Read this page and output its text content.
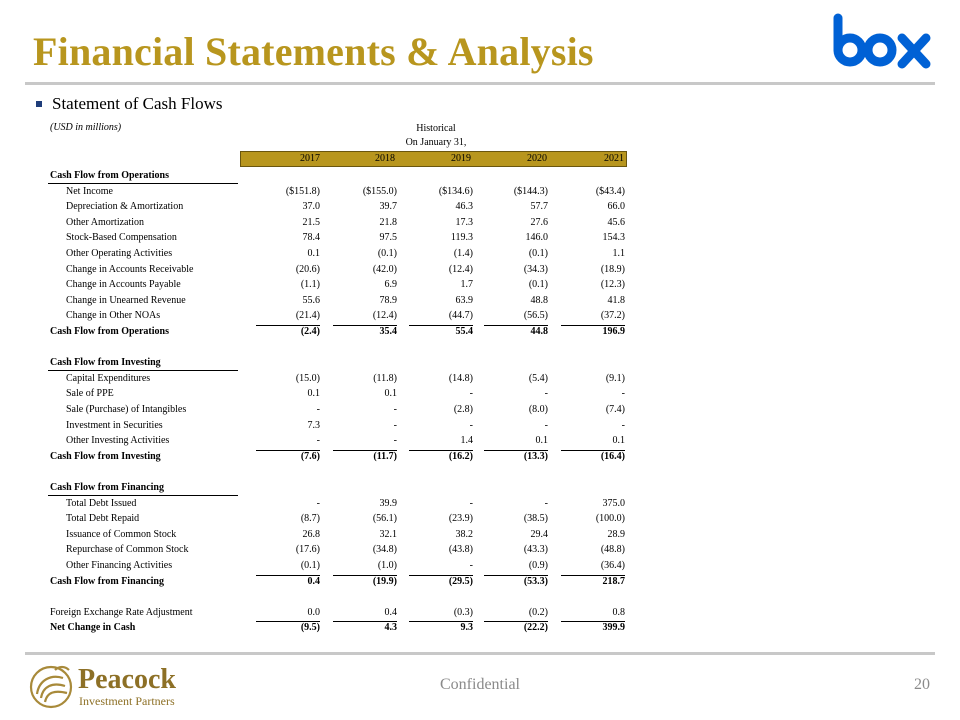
Financial Statements & Analysis
Statement of Cash Flows
(USD in millions)	Historical
On January 31,
2017	2018	2019	2020	2021
Cash Flow from Operations
Net Income	($151.8)	($155.0)	($134.6)	($144.3)	($43.4)
Depreciation & Amortization	37.0	39.7	46.3	57.7	66.0
Other Amortization	21.5	21.8	17.3	27.6	45.6
Stock-Based Compensation	78.4	97.5	119.3	146.0	154.3
Other Operating Activities	0.1	(0.1)	(1.4)	(0.1)	1.1
Change in Accounts Receivable	(20.6)	(42.0)	(12.4)	(34.3)	(18.9)
Change in Accounts Payable	(1.1)	6.9	1.7	(0.1)	(12.3)
Change in Unearned Revenue	55.6	78.9	63.9	48.8	41.8
Change in Other NOAs	(21.4)	(12.4)	(44.7)	(56.5)	(37.2)
Cash Flow from Operations	(2.4)	35.4	55.4	44.8	196.9
Cash Flow from Investing
Capital Expenditures	(15.0)	(11.8)	(14.8)	(5.4)	(9.1)
Sale of PPE	0.1	0.1	-	-	-
Sale (Purchase) of Intangibles	-	-	(2.8)	(8.0)	(7.4)
Investment in Securities	7.3	-	-	-	-
Other Investing Activities	-	-	1.4	0.1	0.1
Cash Flow from Investing	(7.6)	(11.7)	(16.2)	(13.3)	(16.4)
Cash Flow from Financing
Total Debt Issued	-	39.9	-	-	375.0
Total Debt Repaid	(8.7)	(56.1)	(23.9)	(38.5)	(100.0)
Issuance of Common Stock	26.8	32.1	38.2	29.4	28.9
Repurchase of Common Stock	(17.6)	(34.8)	(43.8)	(43.3)	(48.8)
Other Financing Activities	(0.1)	(1.0)	-	(0.9)	(36.4)
Cash Flow from Financing	0.4	(19.9)	(29.5)	(53.3)	218.7
Foreign Exchange Rate Adjustment	0.0	0.4	(0.3)	(0.2)	0.8
Net Change in Cash	(9.5)	4.3	9.3	(22.2)	399.9
Peacock
Investment Partners
Confidential	20
